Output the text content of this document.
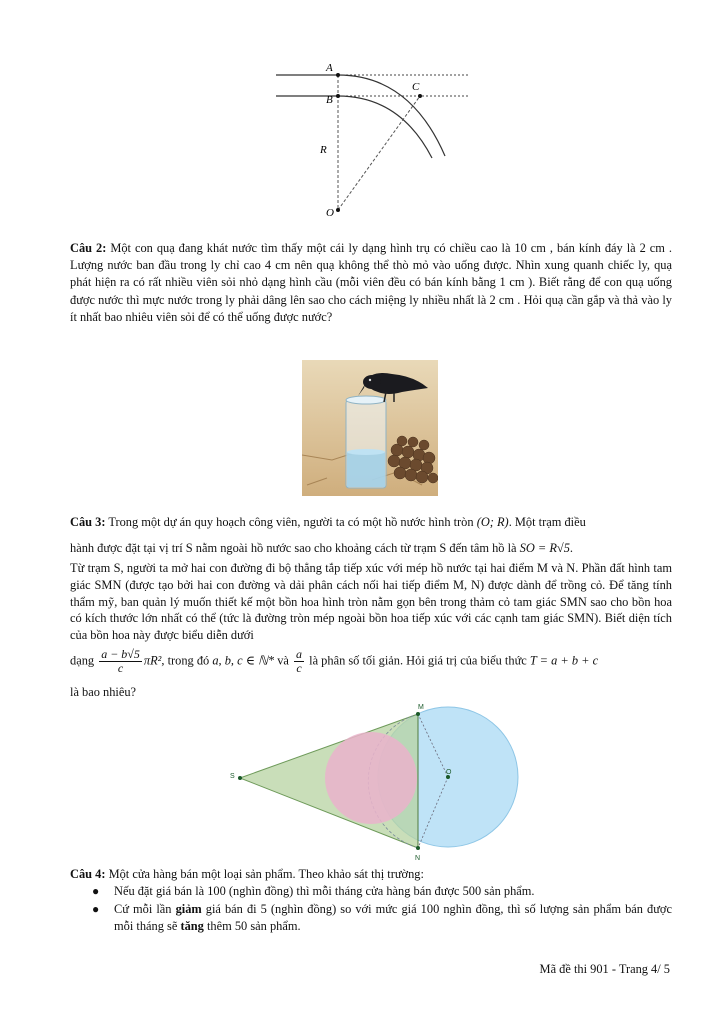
A
B
C
R
O
Câu 2: Một con quạ đang khát nước tìm thấy một cái ly dạng hình trụ có chiều cao là 10 cm , bán kính đáy là 2 cm . Lượng nước ban đầu trong ly chỉ cao 4 cm nên quạ không thể thò mỏ vào uống được. Nhìn xung quanh chiếc ly, quạ phát hiện ra có rất nhiều viên sỏi nhỏ dạng hình cầu (mỗi viên đều có bán kính bằng 1 cm ). Biết rằng để con quạ uống được nước thì mực nước trong ly phải dâng lên sao cho cách miệng ly nhiều nhất là 2 cm . Hỏi quạ cần gắp và thả vào ly ít nhất bao nhiêu viên sỏi để có thể uống được nước?
Câu 3: Trong một dự án quy hoạch công viên, người ta có một hồ nước hình tròn (O; R). Một trạm điều
hành được đặt tại vị trí S nằm ngoài hồ nước sao cho khoảng cách từ trạm S đến tâm hồ là SO = R√5.
Từ trạm S, người ta mở hai con đường đi bộ thẳng tắp tiếp xúc với mép hồ nước tại hai điểm M và N. Phần đất hình tam giác SMN (được tạo bởi hai con đường và dải phân cách nối hai tiếp điểm M, N) được dành để trồng cỏ. Để tăng tính thẩm mỹ, ban quản lý muốn thiết kế một bồn hoa hình tròn nằm gọn bên trong thảm cỏ tam giác SMN sao cho bồn hoa có kích thước lớn nhất có thể (tức là đường tròn mép ngoài bồn hoa tiếp xúc với các cạnh tam giác SMN). Biết diện tích của bồn hoa này được biểu diễn dưới
dạng $\frac{a - b√5}{c} \pi R^2$, trong đó a, b, c ∈ ℕ* và $\frac{a}{c}$ là phân số tối giản. Hỏi giá trị của biểu thức T = a + b + c
là bao nhiêu?
S
M
N
O
Câu 4: Một cửa hàng bán một loại sản phẩm. Theo khảo sát thị trường:
● Nếu đặt giá bán là 100 (nghìn đồng) thì mỗi tháng cửa hàng bán được 500 sản phẩm.
● Cứ mỗi lần giảm giá bán đi 5 (nghìn đồng) so với mức giá 100 nghìn đồng, thì số lượng sản phẩm bán được mỗi tháng sẽ tăng thêm 50 sản phẩm.
Mã đề thi 901 - Trang 4/ 5
